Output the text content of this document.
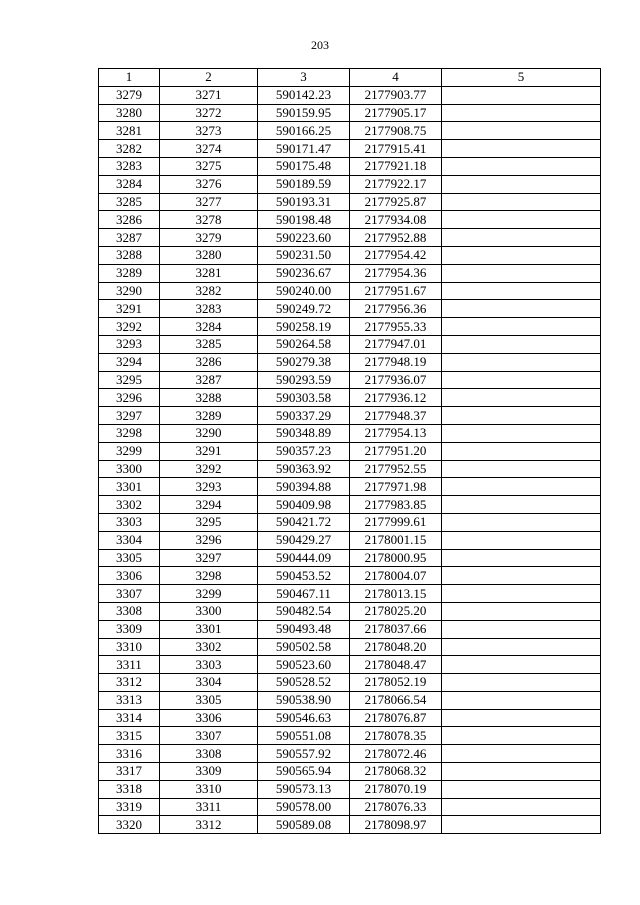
203
1	2	3	4	5
3279	3271	590142.23	2177903.77	
3280	3272	590159.95	2177905.17	
3281	3273	590166.25	2177908.75	
3282	3274	590171.47	2177915.41	
3283	3275	590175.48	2177921.18	
3284	3276	590189.59	2177922.17	
3285	3277	590193.31	2177925.87	
3286	3278	590198.48	2177934.08	
3287	3279	590223.60	2177952.88	
3288	3280	590231.50	2177954.42	
3289	3281	590236.67	2177954.36	
3290	3282	590240.00	2177951.67	
3291	3283	590249.72	2177956.36	
3292	3284	590258.19	2177955.33	
3293	3285	590264.58	2177947.01	
3294	3286	590279.38	2177948.19	
3295	3287	590293.59	2177936.07	
3296	3288	590303.58	2177936.12	
3297	3289	590337.29	2177948.37	
3298	3290	590348.89	2177954.13	
3299	3291	590357.23	2177951.20	
3300	3292	590363.92	2177952.55	
3301	3293	590394.88	2177971.98	
3302	3294	590409.98	2177983.85	
3303	3295	590421.72	2177999.61	
3304	3296	590429.27	2178001.15	
3305	3297	590444.09	2178000.95	
3306	3298	590453.52	2178004.07	
3307	3299	590467.11	2178013.15	
3308	3300	590482.54	2178025.20	
3309	3301	590493.48	2178037.66	
3310	3302	590502.58	2178048.20	
3311	3303	590523.60	2178048.47	
3312	3304	590528.52	2178052.19	
3313	3305	590538.90	2178066.54	
3314	3306	590546.63	2178076.87	
3315	3307	590551.08	2178078.35	
3316	3308	590557.92	2178072.46	
3317	3309	590565.94	2178068.32	
3318	3310	590573.13	2178070.19	
3319	3311	590578.00	2178076.33	
3320	3312	590589.08	2178098.97	
